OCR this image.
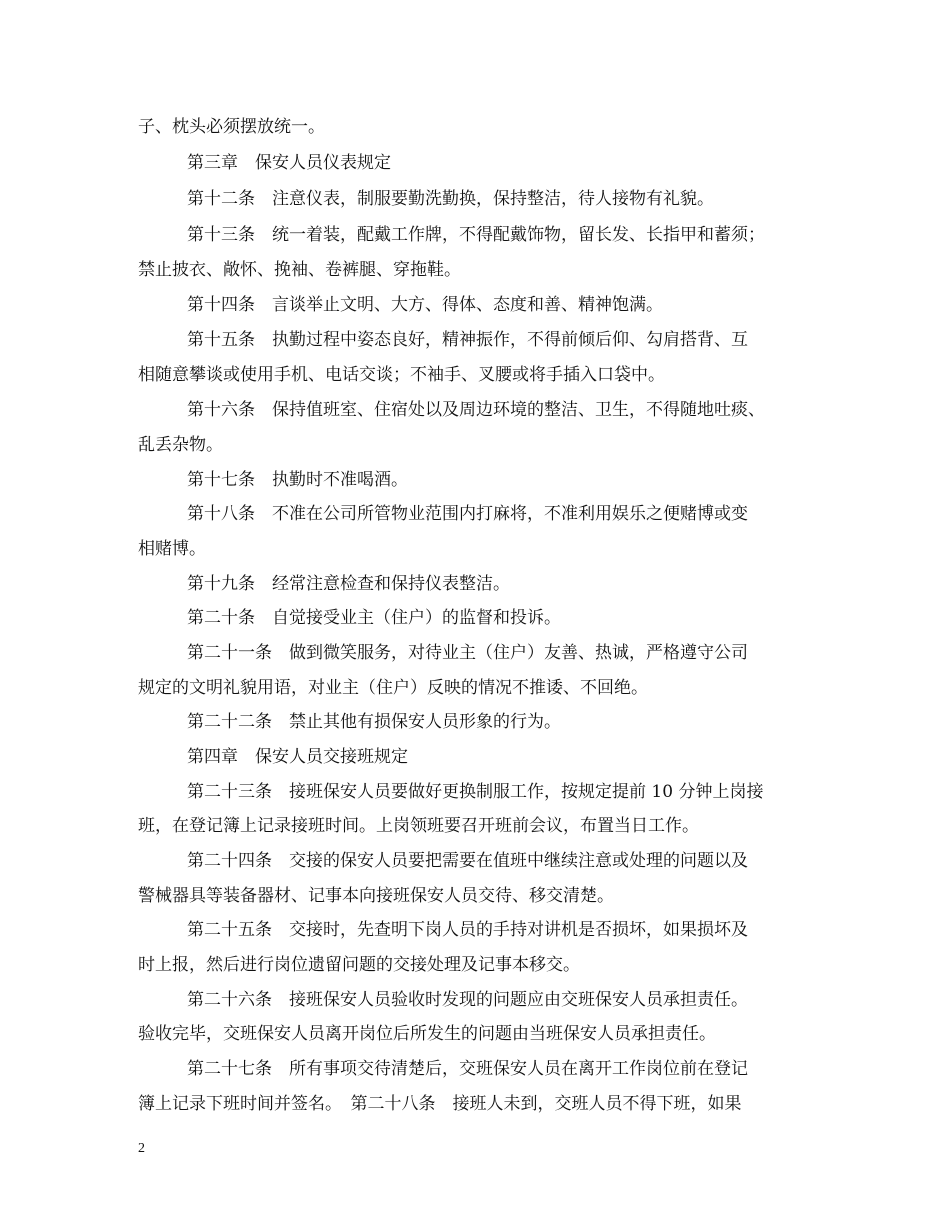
子、枕头必须摆放统一。
第三章　保安人员仪表规定
第十二条　注意仪表，制服要勤洗勤换，保持整洁，待人接物有礼貌。
第十三条　统一着装，配戴工作牌，不得配戴饰物，留长发、长指甲和蓄须；
禁止披衣、敞怀、挽袖、卷裤腿、穿拖鞋。
第十四条　言谈举止文明、大方、得体、态度和善、精神饱满。
第十五条　执勤过程中姿态良好，精神振作，不得前倾后仰、勾肩搭背、互
相随意攀谈或使用手机、电话交谈；不袖手、叉腰或将手插入口袋中。
第十六条　保持值班室、住宿处以及周边环境的整洁、卫生，不得随地吐痰、
乱丢杂物。
第十七条　执勤时不准喝酒。
第十八条　不准在公司所管物业范围内打麻将，不准利用娱乐之便赌博或变
相赌博。
第十九条　经常注意检查和保持仪表整洁。
第二十条　自觉接受业主（住户）的监督和投诉。
第二十一条　做到微笑服务，对待业主（住户）友善、热诚，严格遵守公司
规定的文明礼貌用语，对业主（住户）反映的情况不推诿、不回绝。
第二十二条　禁止其他有损保安人员形象的行为。
第四章　保安人员交接班规定
第二十三条　接班保安人员要做好更换制服工作，按规定提前 10 分钟上岗接
班，在登记簿上记录接班时间。上岗领班要召开班前会议，布置当日工作。
第二十四条　交接的保安人员要把需要在值班中继续注意或处理的问题以及
警械器具等装备器材、记事本向接班保安人员交待、移交清楚。
第二十五条　交接时，先查明下岗人员的手持对讲机是否损坏，如果损坏及
时上报，然后进行岗位遗留问题的交接处理及记事本移交。
第二十六条　接班保安人员验收时发现的问题应由交班保安人员承担责任。
验收完毕，交班保安人员离开岗位后所发生的问题由当班保安人员承担责任。
第二十七条　所有事项交待清楚后，交班保安人员在离开工作岗位前在登记
簿上记录下班时间并签名。　第二十八条　接班人未到，交班人员不得下班，如果
2
